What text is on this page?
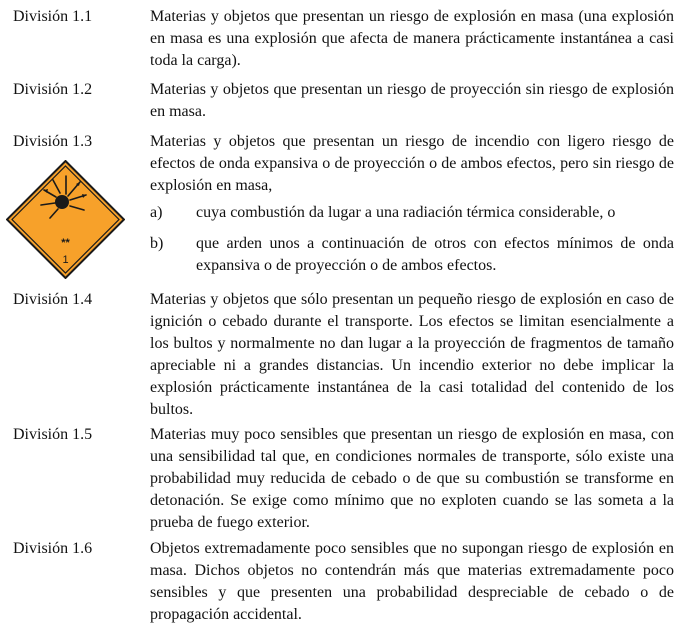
División 1.1	Materias y objetos que presentan un riesgo de explosión en masa (una explosión en masa es una explosión que afecta de manera prácticamente instantánea a casi toda la carga).
División 1.2	Materias y objetos que presentan un riesgo de proyección sin riesgo de explosión en masa.
División 1.3	Materias y objetos que presentan un riesgo de incendio con ligero riesgo de efectos de onda expansiva o de proyección o de ambos efectos, pero sin riesgo de explosión en masa,
a) cuya combustión da lugar a una radiación térmica considerable, o
b) que arden unos a continuación de otros con efectos mínimos de onda expansiva o de proyección o de ambos efectos.
**
1
División 1.4	Materias y objetos que sólo presentan un pequeño riesgo de explosión en caso de ignición o cebado durante el transporte. Los efectos se limitan esencialmente a los bultos y normalmente no dan lugar a la proyección de fragmentos de tamaño apreciable ni a grandes distancias. Un incendio exterior no debe implicar la explosión prácticamente instantánea de la casi totalidad del contenido de los bultos.
División 1.5	Materias muy poco sensibles que presentan un riesgo de explosión en masa, con una sensibilidad tal que, en condiciones normales de transporte, sólo existe una probabilidad muy reducida de cebado o de que su combustión se transforme en detonación. Se exige como mínimo que no exploten cuando se las someta a la prueba de fuego exterior.
División 1.6	Objetos extremadamente poco sensibles que no supongan riesgo de explosión en masa. Dichos objetos no contendrán más que materias extremadamente poco sensibles y que presenten una probabilidad despreciable de cebado o de propagación accidental.
